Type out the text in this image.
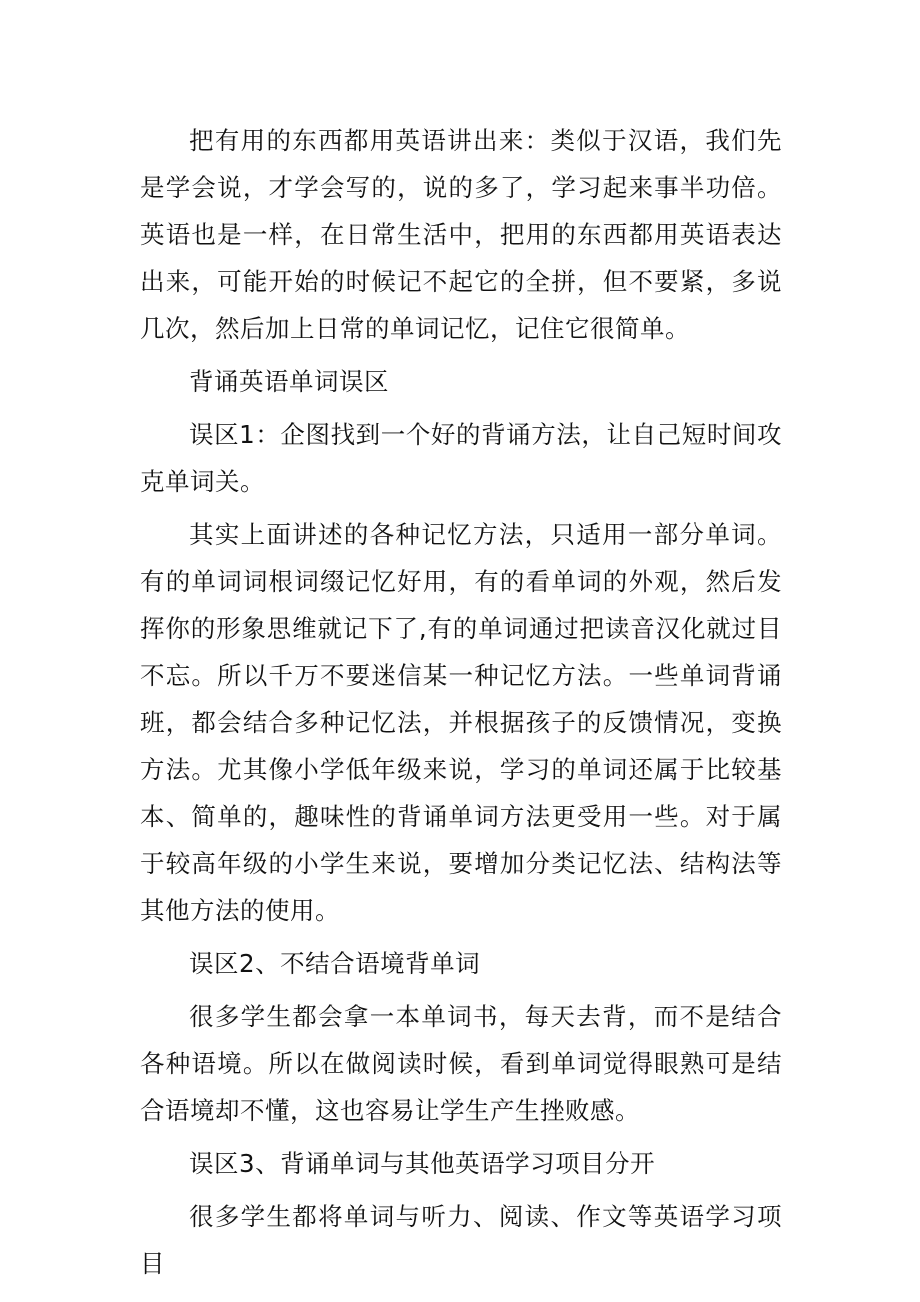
把有用的东西都用英语讲出来：类似于汉语，我们先是学会说，才学会写的，说的多了，学习起来事半功倍。英语也是一样，在日常生活中，把用的东西都用英语表达出来，可能开始的时候记不起它的全拼，但不要紧，多说几次，然后加上日常的单词记忆，记住它很简单。

背诵英语单词误区

误区1：企图找到一个好的背诵方法，让自己短时间攻克单词关。

其实上面讲述的各种记忆方法，只适用一部分单词。有的单词词根词缀记忆好用，有的看单词的外观，然后发挥你的形象思维就记下了,有的单词通过把读音汉化就过目不忘。所以千万不要迷信某一种记忆方法。一些单词背诵班，都会结合多种记忆法，并根据孩子的反馈情况，变换方法。尤其像小学低年级来说，学习的单词还属于比较基本、简单的，趣味性的背诵单词方法更受用一些。对于属于较高年级的小学生来说，要增加分类记忆法、结构法等其他方法的使用。

误区2、不结合语境背单词

很多学生都会拿一本单词书，每天去背，而不是结合各种语境。所以在做阅读时候，看到单词觉得眼熟可是结合语境却不懂，这也容易让学生产生挫败感。

误区3、背诵单词与其他英语学习项目分开

很多学生都将单词与听力、阅读、作文等英语学习项目
